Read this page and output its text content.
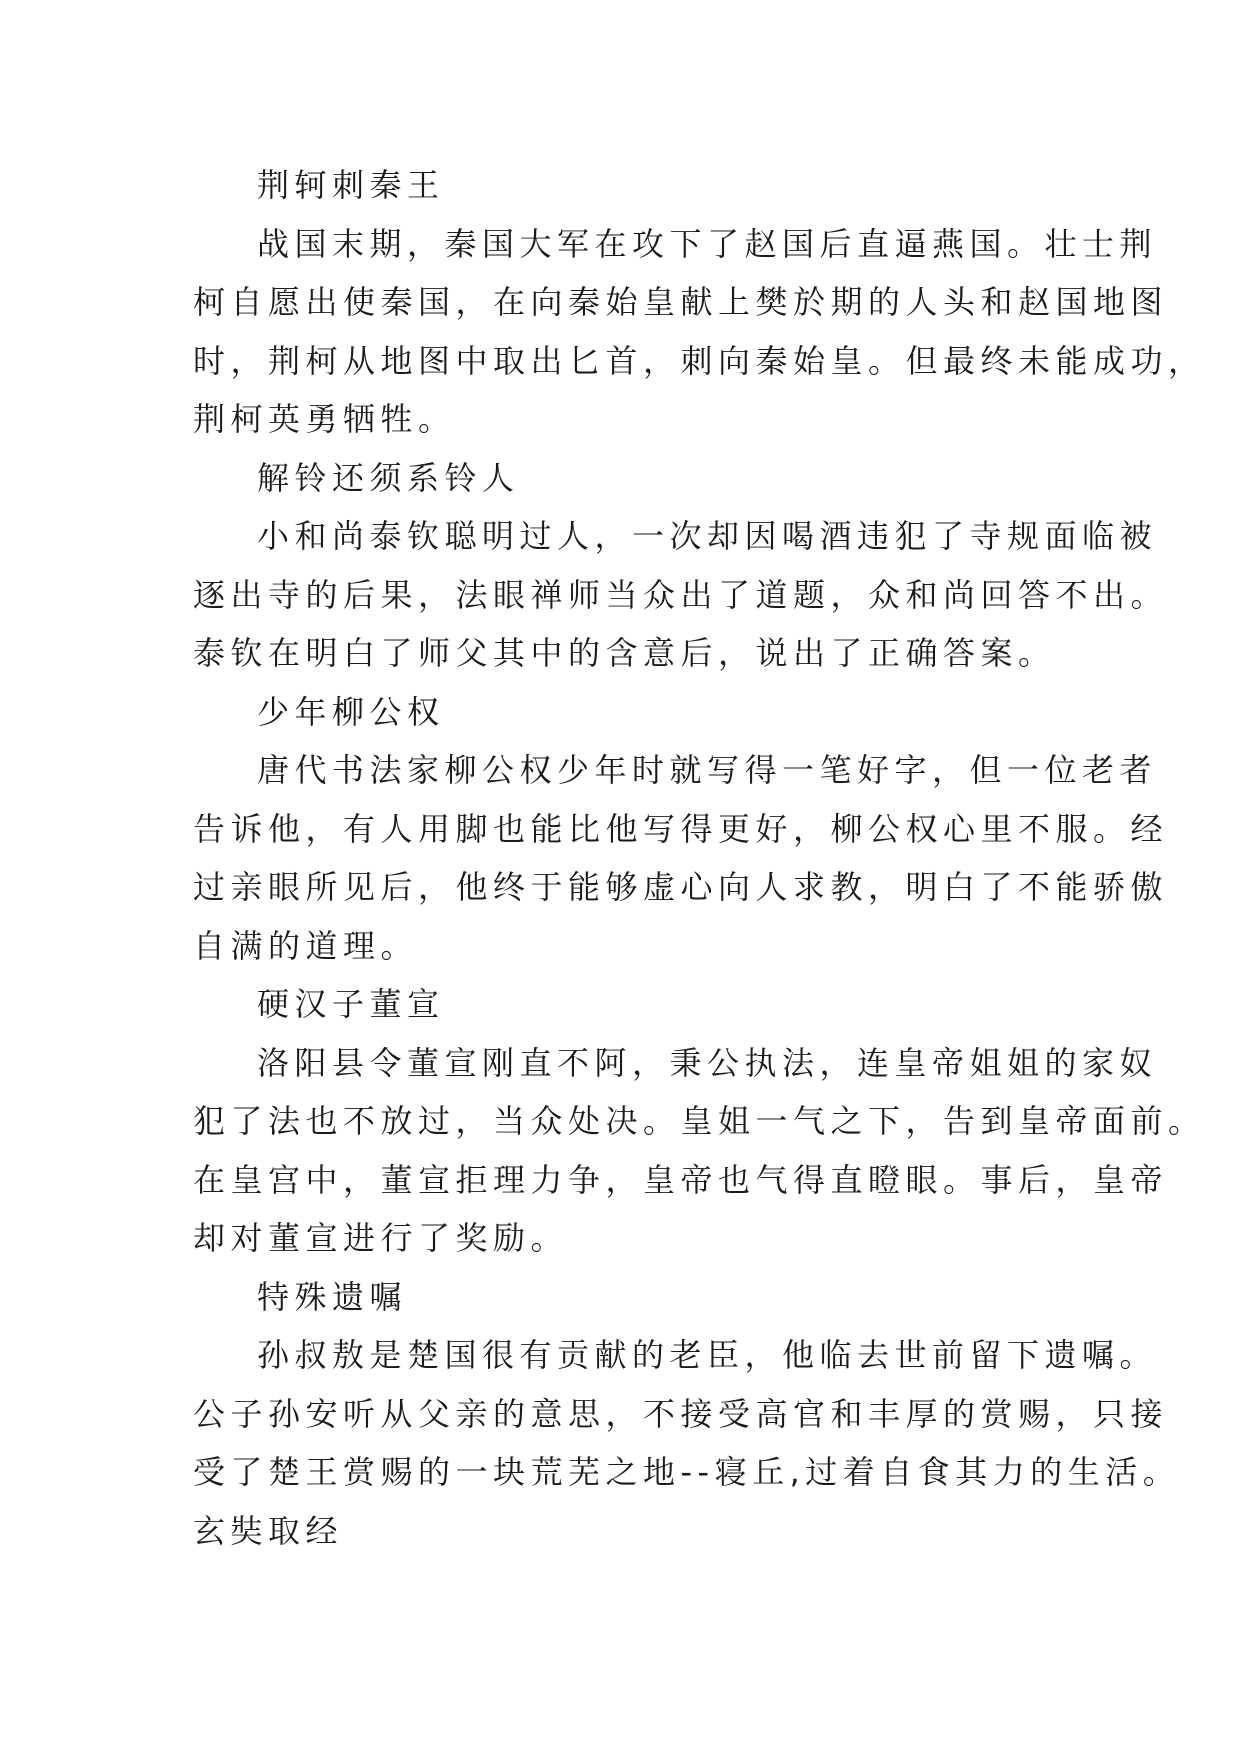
荆轲刺秦王

战国末期，秦国大军在攻下了赵国后直逼燕国。壮士荆

柯自愿出使秦国，在向秦始皇献上樊於期的人头和赵国地图

时，荆柯从地图中取出匕首，刺向秦始皇。但最终未能成功，

荆柯英勇牺牲。

解铃还须系铃人

小和尚泰钦聪明过人，一次却因喝酒违犯了寺规面临被

逐出寺的后果，法眼禅师当众出了道题，众和尚回答不出。

泰钦在明白了师父其中的含意后，说出了正确答案。

少年柳公权

唐代书法家柳公权少年时就写得一笔好字，但一位老者

告诉他，有人用脚也能比他写得更好，柳公权心里不服。经

过亲眼所见后，他终于能够虚心向人求教，明白了不能骄傲

自满的道理。

硬汉子董宣

洛阳县令董宣刚直不阿，秉公执法，连皇帝姐姐的家奴

犯了法也不放过，当众处决。皇姐一气之下，告到皇帝面前。

在皇宫中，董宣拒理力争，皇帝也气得直瞪眼。事后，皇帝

却对董宣进行了奖励。

特殊遗嘱

孙叔敖是楚国很有贡献的老臣，他临去世前留下遗嘱。

公子孙安听从父亲的意思，不接受高官和丰厚的赏赐，只接

受了楚王赏赐的一块荒芜之地--寝丘,过着自食其力的生活。

玄奘取经
